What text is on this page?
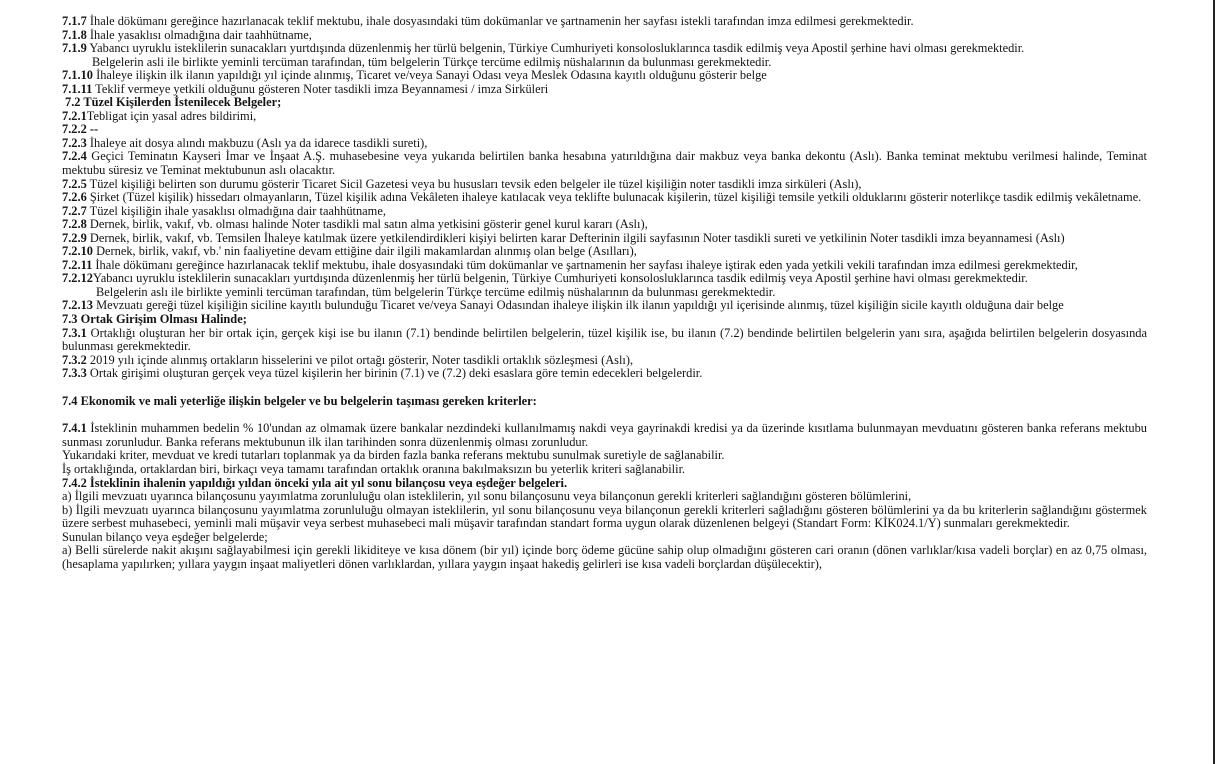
7.1.7 İhale dökümanı gereğince hazırlanacak teklif mektubu, ihale dosyasındaki tüm dokümanlar ve şartnamenin her sayfası istekli tarafından imza edilmesi gerekmektedir.

7.1.8 İhale yasaklısı olmadığına dair taahhütname,

7.1.9 Yabancı uyruklu isteklilerin sunacakları yurtdışında düzenlenmiş her türlü belgenin, Türkiye Cumhuriyeti konsolosluklarınca tasdik edilmiş veya Apostil şerhine havi olması gerekmektedir.

Belgelerin asli ile birlikte yeminli tercüman tarafından, tüm belgelerin Türkçe tercüme edilmiş nüshalarının da bulunması gerekmektedir.

7.1.10 İhaleye ilişkin ilk ilanın yapıldığı yıl içinde alınmış, Ticaret ve/veya Sanayi Odası veya Meslek Odasına kayıtlı olduğunu gösterir belge

7.1.11 Teklif vermeye yetkili olduğunu gösteren Noter tasdikli imza Beyannamesi / imza Sirküleri

7.2 Tüzel Kişilerden İstenilecek Belgeler;

7.2.1Tebligat için yasal adres bildirimi,

7.2.2 --

7.2.3 İhaleye ait dosya alındı makbuzu (Aslı ya da idarece tasdikli sureti),

7.2.4 Geçici Teminatın Kayseri İmar ve İnşaat A.Ş. muhasebesine veya yukarıda belirtilen banka hesabına yatırıldığına dair makbuz veya banka dekontu (Aslı). Banka teminat mektubu verilmesi halinde, Teminat mektubu süresiz ve Teminat mektubunun aslı olacaktır.

7.2.5 Tüzel kişiliği belirten son durumu gösterir Ticaret Sicil Gazetesi veya bu hususları tevsik eden belgeler ile tüzel kişiliğin noter tasdikli imza sirküleri (Aslı),

7.2.6 Şirket (Tüzel kişilik) hissedarı olmayanların, Tüzel kişilik adına Vekâleten ihaleye katılacak veya teklifte bulunacak kişilerin, tüzel kişiliği temsile yetkili olduklarını gösterir noterlikçe tasdik edilmiş vekâletname.

7.2.7 Tüzel kişiliğin ihale yasaklısı olmadığına dair taahhütname,

7.2.8 Dernek, birlik, vakıf, vb. olması halinde Noter tasdikli mal satın alma yetkisini gösterir genel kurul kararı (Aslı),

7.2.9 Dernek, birlik, vakıf, vb. Temsilen İhaleye katılmak üzere yetkilendirdikleri kişiyi belirten karar Defterinin ilgili sayfasının Noter tasdikli sureti ve yetkilinin Noter tasdikli imza beyannamesi (Aslı)

7.2.10 Dernek, birlik, vakıf, vb.' nin faaliyetine devam ettiğine dair ilgili makamlardan alınmış olan belge (Asılları),

7.2.11 İhale dökümanı gereğince hazırlanacak teklif mektubu, ihale dosyasındaki tüm dokümanlar ve şartnamenin her sayfası ihaleye iştirak eden yada yetkili vekili tarafından imza edilmesi gerekmektedir,

7.2.12Yabancı uyruklu isteklilerin sunacakları yurtdışında düzenlenmiş her türlü belgenin, Türkiye Cumhuriyeti konsolosluklarınca tasdik edilmiş veya Apostil şerhine havi olması gerekmektedir.

Belgelerin aslı ile birlikte yeminli tercüman tarafından, tüm belgelerin Türkçe tercüme edilmiş nüshalarının da bulunması gerekmektedir.

7.2.13 Mevzuatı gereği tüzel kişiliğin siciline kayıtlı bulunduğu Ticaret ve/veya Sanayi Odasından ihaleye ilişkin ilk ilanın yapıldığı yıl içerisinde alınmış, tüzel kişiliğin sicile kayıtlı olduğuna dair belge

7.3 Ortak Girişim Olması Halinde;

7.3.1 Ortaklığı oluşturan her bir ortak için, gerçek kişi ise bu ilanın (7.1) bendinde belirtilen belgelerin, tüzel kişilik ise, bu ilanın (7.2) bendinde belirtilen belgelerin yanı sıra, aşağıda belirtilen belgelerin dosyasında bulunması gerekmektedir.

7.3.2 2019 yılı içinde alınmış ortakların hisselerini ve pilot ortağı gösterir, Noter tasdikli ortaklık sözleşmesi (Aslı),

7.3.3 Ortak girişimi oluşturan gerçek veya tüzel kişilerin her birinin (7.1) ve (7.2) deki esaslara göre temin edecekleri belgelerdir.

7.4 Ekonomik ve mali yeterliğe ilişkin belgeler ve bu belgelerin taşıması gereken kriterler:

7.4.1 İsteklinin muhammen bedelin % 10'undan az olmamak üzere bankalar nezdindeki kullanılmamış nakdi veya gayrinakdi kredisi ya da üzerinde kısıtlama bulunmayan mevduatını gösteren banka referans mektubu sunması zorunludur. Banka referans mektubunun ilk ilan tarihinden sonra düzenlenmiş olması zorunludur.

Yukarıdaki kriter, mevduat ve kredi tutarları toplanmak ya da birden fazla banka referans mektubu sunulmak suretiyle de sağlanabilir.

İş ortaklığında, ortaklardan biri, birkaçı veya tamamı tarafından ortaklık oranına bakılmaksızın bu yeterlik kriteri sağlanabilir.

7.4.2 İsteklinin ihalenin yapıldığı yıldan önceki yıla ait yıl sonu bilançosu veya eşdeğer belgeleri.

a) İlgili mevzuatı uyarınca bilançosunu yayımlatma zorunluluğu olan isteklilerin, yıl sonu bilançosunu veya bilançonun gerekli kriterleri sağlandığını gösteren bölümlerini,

b) İlgili mevzuatı uyarınca bilançosunu yayımlatma zorunluluğu olmayan isteklilerin, yıl sonu bilançosunu veya bilançonun gerekli kriterleri sağladığını gösteren bölümlerini ya da bu kriterlerin sağlandığını göstermek üzere serbest muhasebeci, yeminli mali müşavir veya serbest muhasebeci mali müşavir tarafından standart forma uygun olarak düzenlenen belgeyi (Standart Form: KİK024.1/Y) sunmaları gerekmektedir.

Sunulan bilanço veya eşdeğer belgelerde;

a) Belli sürelerde nakit akışını sağlayabilmesi için gerekli likiditeye ve kısa dönem (bir yıl) içinde borç ödeme gücüne sahip olup olmadığını gösteren cari oranın (dönen varlıklar/kısa vadeli borçlar) en az 0,75 olması, (hesaplama yapılırken; yıllara yaygın inşaat maliyetleri dönen varlıklardan, yıllara yaygın inşaat hakediş gelirleri ise kısa vadeli borçlardan düşülecektir),
